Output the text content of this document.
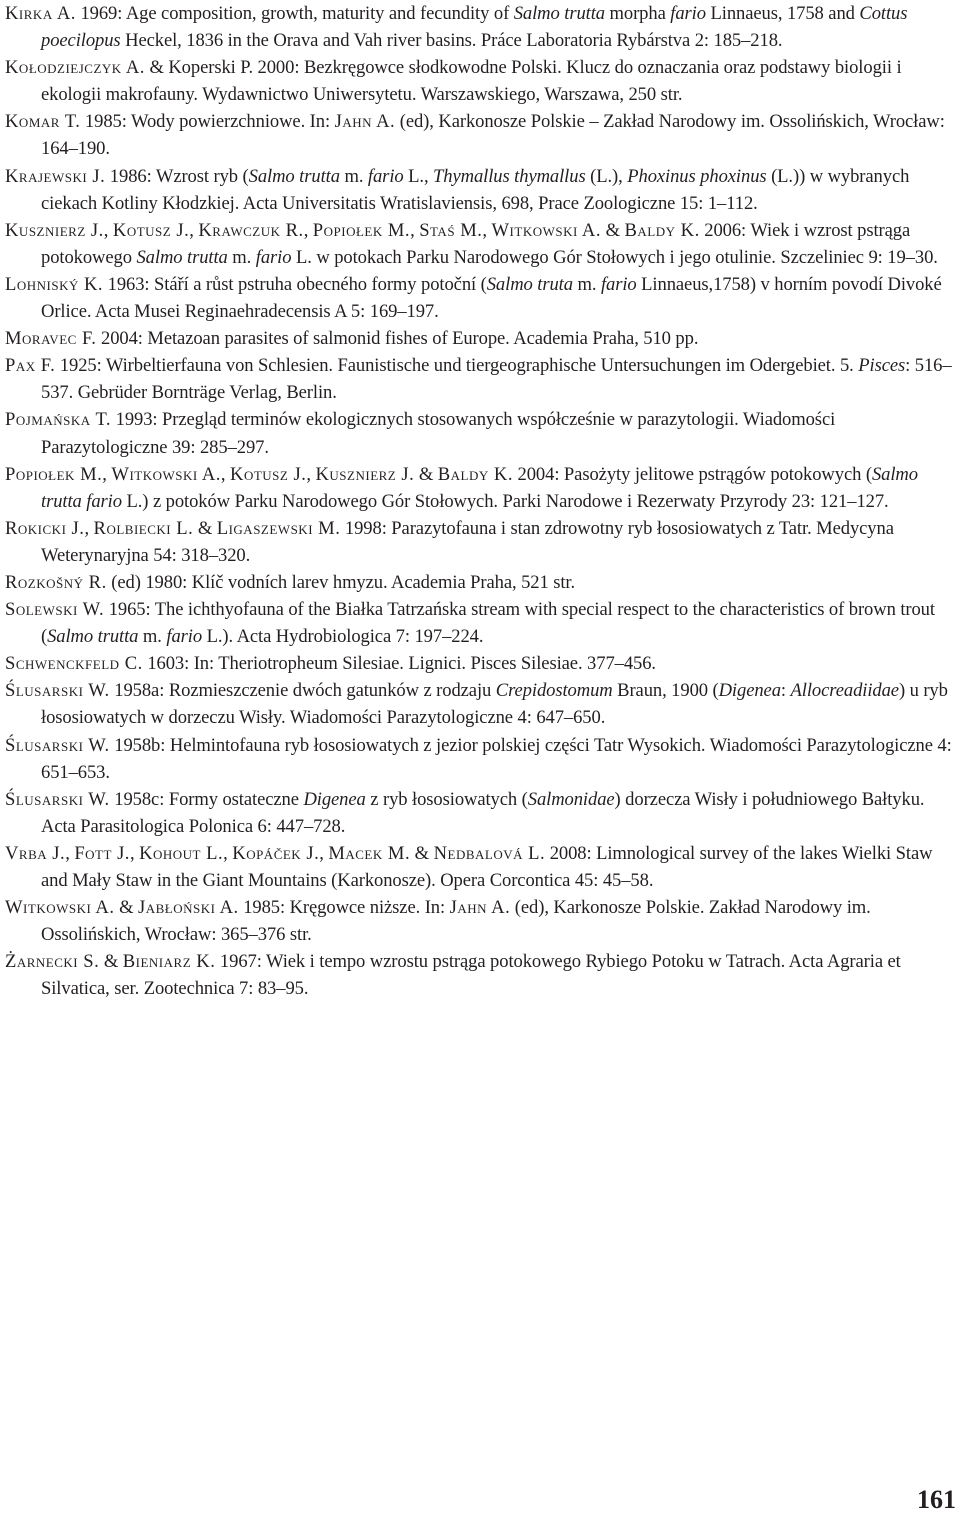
Kirka A. 1969: Age composition, growth, maturity and fecundity of Salmo trutta morpha fario Linnaeus, 1758 and Cottus poecilopus Heckel, 1836 in the Orava and Vah river basins. Práce Laboratoria Rybárstva 2: 185–218.
Kołodziejczyk A. & Koperski P. 2000: Bezkręgowce słodkowodne Polski. Klucz do oznaczania oraz podstawy biologii i ekologii makrofauny. Wydawnictwo Uniwersytetu. Warszawskiego, Warszawa, 250 str.
Komar T. 1985: Wody powierzchniowe. In: Jahn A. (ed), Karkonosze Polskie – Zakład Narodowy im. Ossolińskich, Wrocław: 164–190.
Krajewski J. 1986: Wzrost ryb (Salmo trutta m. fario L., Thymallus thymallus (L.), Phoxinus phoxinus (L.)) w wybranych ciekach Kotliny Kłodzkiej. Acta Universitatis Wratislaviensis, 698, Prace Zoologiczne 15: 1–112.
Kusznierz J., Kotusz J., Krawczuk R., Popiołek M., Staś M., Witkowski A. & Baldy K. 2006: Wiek i wzrost pstrąga potokowego Salmo trutta m. fario L. w potokach Parku Narodowego Gór Stołowych i jego otulinie. Szczeliniec 9: 19–30.
Lohniský K. 1963: Stáří a růst pstruha obecného formy potoční (Salmo truta m. fario Linnaeus,1758) v horním povodí Divoké Orlice. Acta Musei Reginaehradecensis A 5: 169–197.
Moravec F. 2004: Metazoan parasites of salmonid fishes of Europe. Academia Praha, 510 pp.
Pax F. 1925: Wirbeltierfauna von Schlesien. Faunistische und tiergeographische Untersuchungen im Odergebiet. 5. Pisces: 516–537. Gebrüder Bornträge Verlag, Berlin.
Pojmańska T. 1993: Przegląd terminów ekologicznych stosowanych współcześnie w parazytologii. Wiadomości Parazytologiczne 39: 285–297.
Popiołek M., Witkowski A., Kotusz J., Kusznierz J. & Baldy K. 2004: Pasożyty jelitowe pstrągów potokowych (Salmo trutta fario L.) z potoków Parku Narodowego Gór Stołowych. Parki Narodowe i Rezerwaty Przyrody 23: 121–127.
Rokicki J., Rolbiecki L. & Ligaszewski M. 1998: Parazytofauna i stan zdrowotny ryb łososiowatych z Tatr. Medycyna Weterynaryjna 54: 318–320.
Rozkošný R. (ed) 1980: Klíč vodních larev hmyzu. Academia Praha, 521 str.
Solewski W. 1965: The ichthyofauna of the Białka Tatrzańska stream with special respect to the characteristics of brown trout (Salmo trutta m. fario L.). Acta Hydrobiologica 7: 197–224.
Schwenckfeld C. 1603: In: Theriotropheum Silesiae. Lignici. Pisces Silesiae. 377–456.
Ślusarski W. 1958a: Rozmieszczenie dwóch gatunków z rodzaju Crepidostomum Braun, 1900 (Digenea: Allocreadiidae) u ryb łososiowatych w dorzeczu Wisły. Wiadomości Parazytologiczne 4: 647–650.
Ślusarski W. 1958b: Helmintofauna ryb łososiowatych z jezior polskiej części Tatr Wysokich. Wiadomości Parazytologiczne 4: 651–653.
Ślusarski W. 1958c: Formy ostateczne Digenea z ryb łososiowatych (Salmonidae) dorzecza Wisły i południowego Bałtyku. Acta Parasitologica Polonica 6: 447–728.
Vrba J., Fott J., Kohout L., Kopáček J., Macek M. & Nedbalová L. 2008: Limnological survey of the lakes Wielki Staw and Mały Staw in the Giant Mountains (Karkonosze). Opera Corcontica 45: 45–58.
Witkowski A. & Jabłoński A. 1985: Kręgowce niższe. In: Jahn A. (ed), Karkonosze Polskie. Zakład Narodowy im. Ossolińskich, Wrocław: 365–376 str.
Żarnecki S. & Bieniarz K. 1967: Wiek i tempo wzrostu pstrąga potokowego Rybiego Potoku w Tatrach. Acta Agraria et Silvatica, ser. Zootechnica 7: 83–95.
161
